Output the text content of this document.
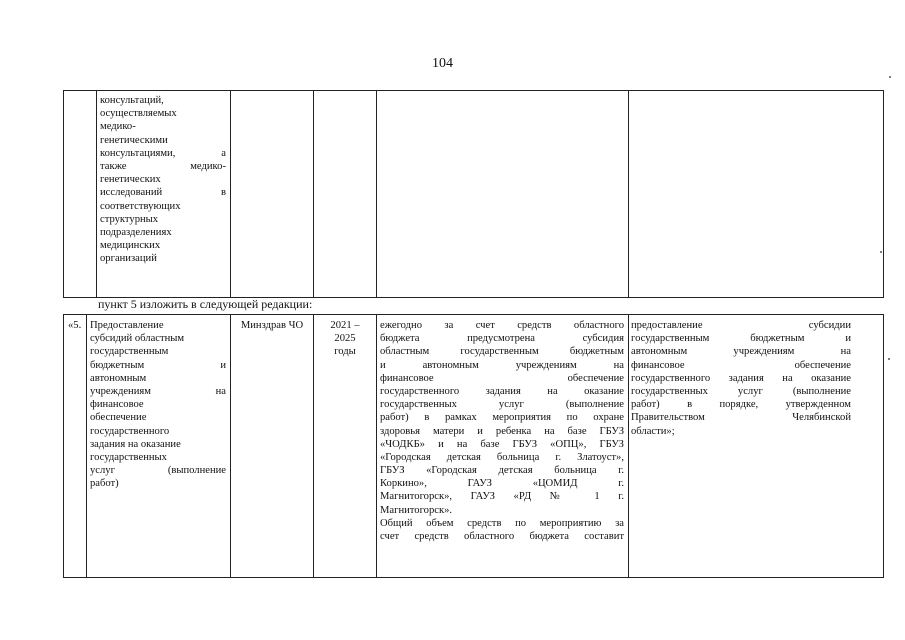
104
консультаций,
осуществляемых
медико-
генетическими
консультациями, а
также медико-
генетических
исследований в
соответствующих
структурных
подразделениях
медицинских
организаций
пункт 5 изложить в следующей редакции:
«5. Предоставление
субсидий областным
государственным
бюджетным и
автономным
учреждениям на
финансовое
обеспечение
государственного
задания на оказание
государственных
услуг (выполнение
работ)
Минздрав ЧО	2021 –
2025
годы
ежегодно за счет средств областного
бюджета предусмотрена субсидия
областным государственным бюджетным
и автономным учреждениям на
финансовое обеспечение
государственного задания на оказание
государственных услуг (выполнение
работ) в рамках мероприятия по охране
здоровья матери и ребенка на базе ГБУЗ
«ЧОДКБ» и на базе ГБУЗ «ОПЦ», ГБУЗ
«Городская детская больница г. Златоуст»,
ГБУЗ «Городская детская больница г.
Коркино», ГАУЗ «ЦОМИД г.
Магнитогорск», ГАУЗ «РД № 1 г.
Магнитогорск».
Общий объем средств по мероприятию за
счет средств областного бюджета составит
предоставление субсидии
государственным бюджетным и
автономным учреждениям на
финансовое обеспечение
государственного задания на оказание
государственных услуг (выполнение
работ) в порядке, утвержденном
Правительством Челябинской
области»;
